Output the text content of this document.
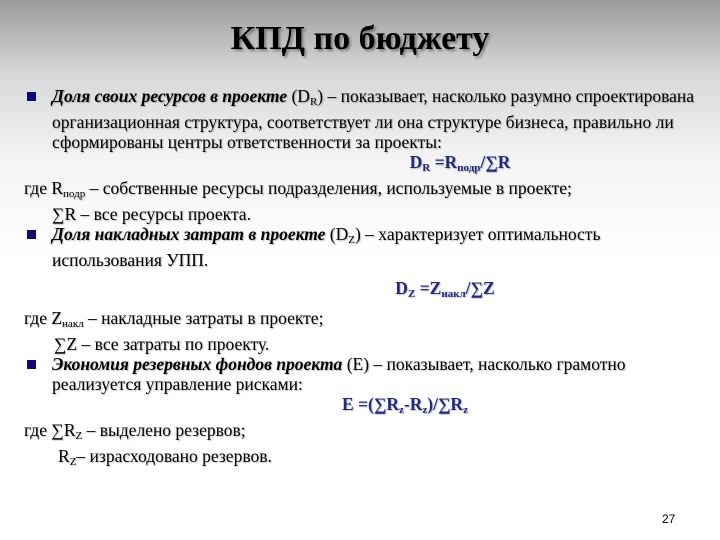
КПД по бюджету
Доля своих ресурсов в проекте $(D_R)$ – показывает, насколько разумно спроектирована организационная структура, соответствует ли она структуре бизнеса, правильно ли сформированы центры ответственности за проекты:
$D_R =R_{подр}/\sum R$
где $R_{подр}$ – собственные ресурсы подразделения, используемые в проекте;
∑R – все ресурсы проекта.
Доля накладных затрат в проекте $(D_Z)$ – характеризует оптимальность использования УПП.
$D_Z =Z_{накл}/\sum Z$
где $Z_{накл}$ – накладные затраты в проекте;
∑Z – все затраты по проекту.
Экономия резервных фондов проекта (E) – показывает, насколько грамотно реализуется управление рисками:
$E =(\sum R_z-R_z)/\sum R_z$
где $\sum R_Z$ – выделено резервов;
$R_Z-$ израсходовано резервов.
27
